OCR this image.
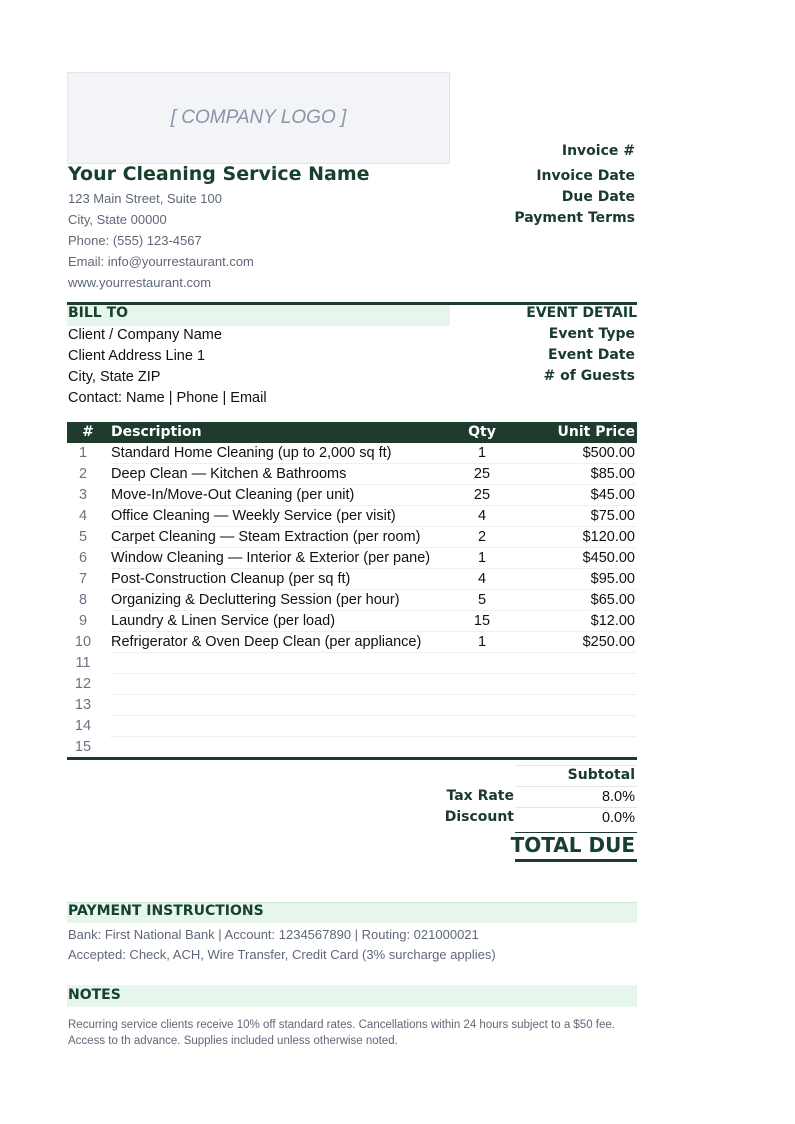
[ COMPANY LOGO ]
Your Cleaning Service Name
123 Main Street, Suite 100
City, State 00000
Phone: (555) 123-4567
Email: info@yourrestaurant.com
www.yourrestaurant.com
Invoice #
Invoice Date
Due Date
Payment Terms
BILL TO	EVENT DETAIL
Client / Company Name
Client Address Line 1
City, State ZIP
Contact: Name | Phone | Email
Event Type
Event Date
# of Guests
#	Description	Qty	Unit Price
1	Standard Home Cleaning (up to 2,000 sq ft)	1	$500.00
2	Deep Clean — Kitchen & Bathrooms	25	$85.00
3	Move-In/Move-Out Cleaning (per unit)	25	$45.00
4	Office Cleaning — Weekly Service (per visit)	4	$75.00
5	Carpet Cleaning — Steam Extraction (per room)	2	$120.00
6	Window Cleaning — Interior & Exterior (per pane)	1	$450.00
7	Post-Construction Cleanup (per sq ft)	4	$95.00
8	Organizing & Decluttering Session (per hour)	5	$65.00
9	Laundry & Linen Service (per load)	15	$12.00
10	Refrigerator & Oven Deep Clean (per appliance)	1	$250.00
11
12
13
14
15
Subtotal
Tax Rate	8.0%
Discount	0.0%
TOTAL DUE
PAYMENT INSTRUCTIONS
Bank: First National Bank | Account: 1234567890 | Routing: 021000021
Accepted: Check, ACH, Wire Transfer, Credit Card (3% surcharge applies)
NOTES
Recurring service clients receive 10% off standard rates. Cancellations within 24 hours subject to a $50 fee. Access to th advance. Supplies included unless otherwise noted.
